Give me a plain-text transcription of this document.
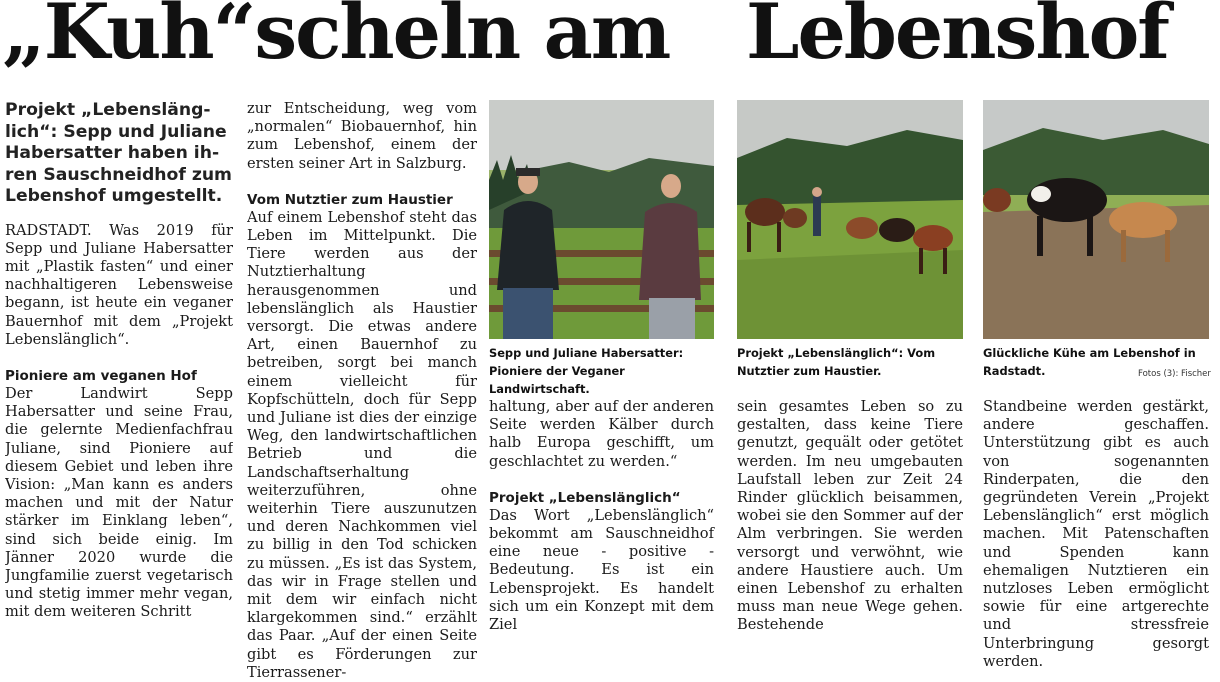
„Kuh“scheln am Lebenshof
Projekt „Lebensläng-
lich“: Sepp und Juliane
Habersatter haben ih-
ren Sauschneidhof zum
Lebenshof umgestellt.

RADSTADT. Was 2019 für Sepp und Juliane Habersatter mit „Plastik fasten“ und einer nachhaltigeren Lebensweise begann, ist heute ein veganer Bauernhof mit dem „Projekt Lebenslänglich“.

Pioniere am veganen Hof

Der Landwirt Sepp Habersatter und seine Frau, die gelernte Medienfachfrau Juliane, sind Pioniere auf diesem Gebiet und leben ihre Vision: „Man kann es anders machen und mit der Natur stärker im Einklang leben“, sind sich beide einig. Im Jänner 2020 wurde die Jungfamilie zuerst vegetarisch und stetig immer mehr vegan, mit dem weiteren Schritt

zur Entscheidung, weg vom „normalen“ Biobauernhof, hin zum Lebenshof, einem der ersten seiner Art in Salzburg.

Vom Nutztier zum Haustier

Auf einem Lebenshof steht das Leben im Mittelpunkt. Die Tiere werden aus der Nutztierhaltung herausgenommen und lebenslänglich als Haustier versorgt. Die etwas andere Art, einen Bauernhof zu betreiben, sorgt bei manch einem vielleicht für Kopfschütteln, doch für Sepp und Juliane ist dies der einzige Weg, den landwirtschaftlichen Betrieb und die Landschaftserhaltung weiterzuführen, ohne weiterhin Tiere auszunutzen und deren Nachkommen viel zu billig in den Tod schicken zu müssen. „Es ist das System, das wir in Frage stellen und mit dem wir einfach nicht klargekommen sind.“ erzählt das Paar. „Auf der einen Seite gibt es Förderungen zur Tierrassener-

Sepp und Juliane Habersatter: Pioniere der Veganer Landwirtschaft.
Projekt „Lebenslänglich“: Vom Nutztier zum Haustier.
Glückliche Kühe am Lebenshof in Radstadt.	Fotos (3): Fischer

haltung, aber auf der anderen Seite werden Kälber durch halb Europa geschifft, um geschlachtet zu werden.“

Projekt „Lebenslänglich“

Das Wort „Lebenslänglich“ bekommt am Sauschneidhof eine neue - positive - Bedeutung. Es ist ein Lebensprojekt. Es handelt sich um ein Konzept mit dem Ziel

sein gesamtes Leben so zu gestalten, dass keine Tiere genutzt, gequält oder getötet werden. Im neu umgebauten Laufstall leben zur Zeit 24 Rinder glücklich beisammen, wobei sie den Sommer auf der Alm verbringen. Sie werden versorgt und verwöhnt, wie andere Haustiere auch. Um einen Lebenshof zu erhalten muss man neue Wege gehen. Bestehende

Standbeine werden gestärkt, andere geschaffen. Unterstützung gibt es auch von sogenannten Rinderpaten, die den gegründeten Verein „Projekt Lebenslänglich“ erst möglich machen. Mit Patenschaften und Spenden kann ehemaligen Nutztieren ein nutzloses Leben ermöglicht sowie für eine artgerechte und stressfreie Unterbringung gesorgt werden.
